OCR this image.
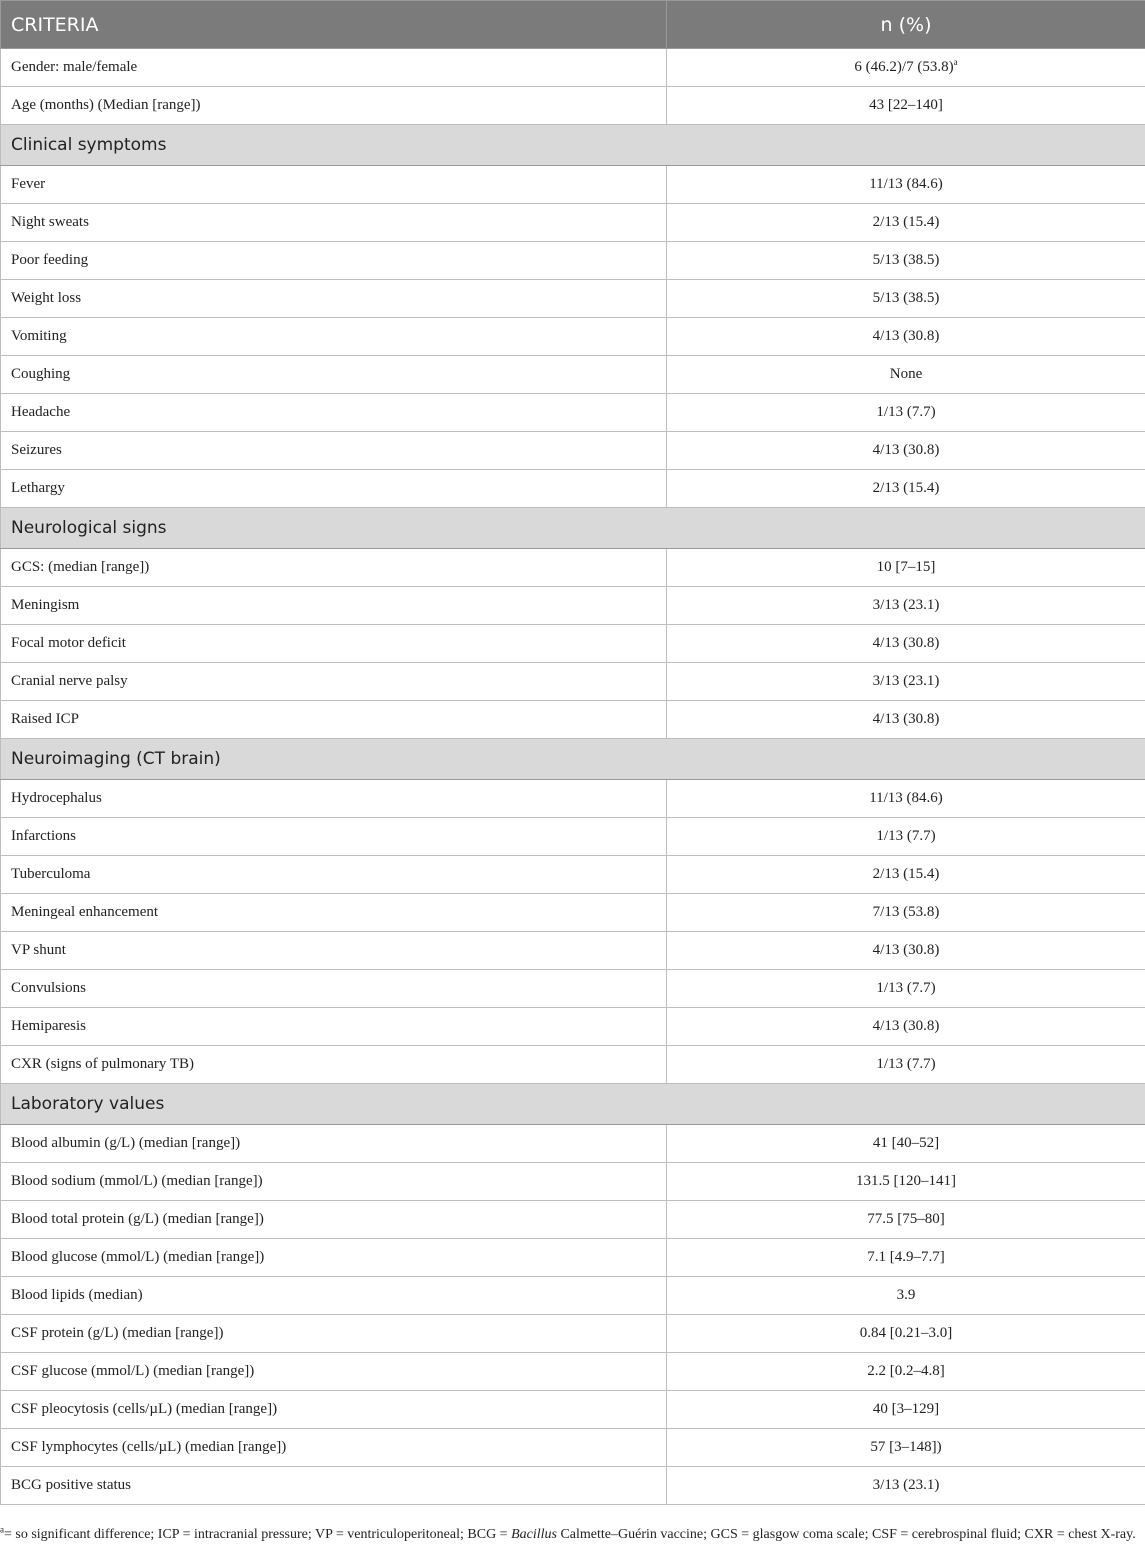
CRITERIA	n (%)
Gender: male/female	6 (46.2)/7 $(53.8)^a$
Age (months) (Median [range])	43 [22–140]
Clinical symptoms	
Fever	11/13 (84.6)
Night sweats	2/13 (15.4)
Poor feeding	5/13 (38.5)
Weight loss	5/13 (38.5)
Vomiting	4/13 (30.8)
Coughing	None
Headache	1/13 (7.7)
Seizures	4/13 (30.8)
Lethargy	2/13 (15.4)
Neurological signs	
GCS: (median [range])	10 [7–15]
Meningism	3/13 (23.1)
Focal motor deficit	4/13 (30.8)
Cranial nerve palsy	3/13 (23.1)
Raised ICP	4/13 (30.8)
Neuroimaging (CT brain)	
Hydrocephalus	11/13 (84.6)
Infarctions	1/13 (7.7)
Tuberculoma	2/13 (15.4)
Meningeal enhancement	7/13 (53.8)
VP shunt	4/13 (30.8)
Convulsions	1/13 (7.7)
Hemiparesis	4/13 (30.8)
CXR (signs of pulmonary TB)	1/13 (7.7)
Laboratory values	
Blood albumin (g/L) (median [range])	41 [40–52]
Blood sodium (mmol/L) (median [range])	131.5 [120–141]
Blood total protein (g/L) (median [range])	77.5 [75–80]
Blood glucose (mmol/L) (median [range])	7.1 [4.9–7.7]
Blood lipids (median)	3.9
CSF protein (g/L) (median [range])	0.84 [0.21–3.0]
CSF glucose (mmol/L) (median [range])	2.2 [0.2–4.8]
CSF pleocytosis (cells/µL) (median [range])	40 [3–129]
CSF lymphocytes (cells/µL) (median [range])	57 [3–148])
BCG positive status	3/13 (23.1)
$^a$= so significant difference; ICP = intracranial pressure; VP = ventriculoperitoneal; BCG = Bacillus Calmette–Guérin vaccine; GCS = glasgow coma scale; CSF = cerebrospinal fluid; CXR = chest X-ray.
